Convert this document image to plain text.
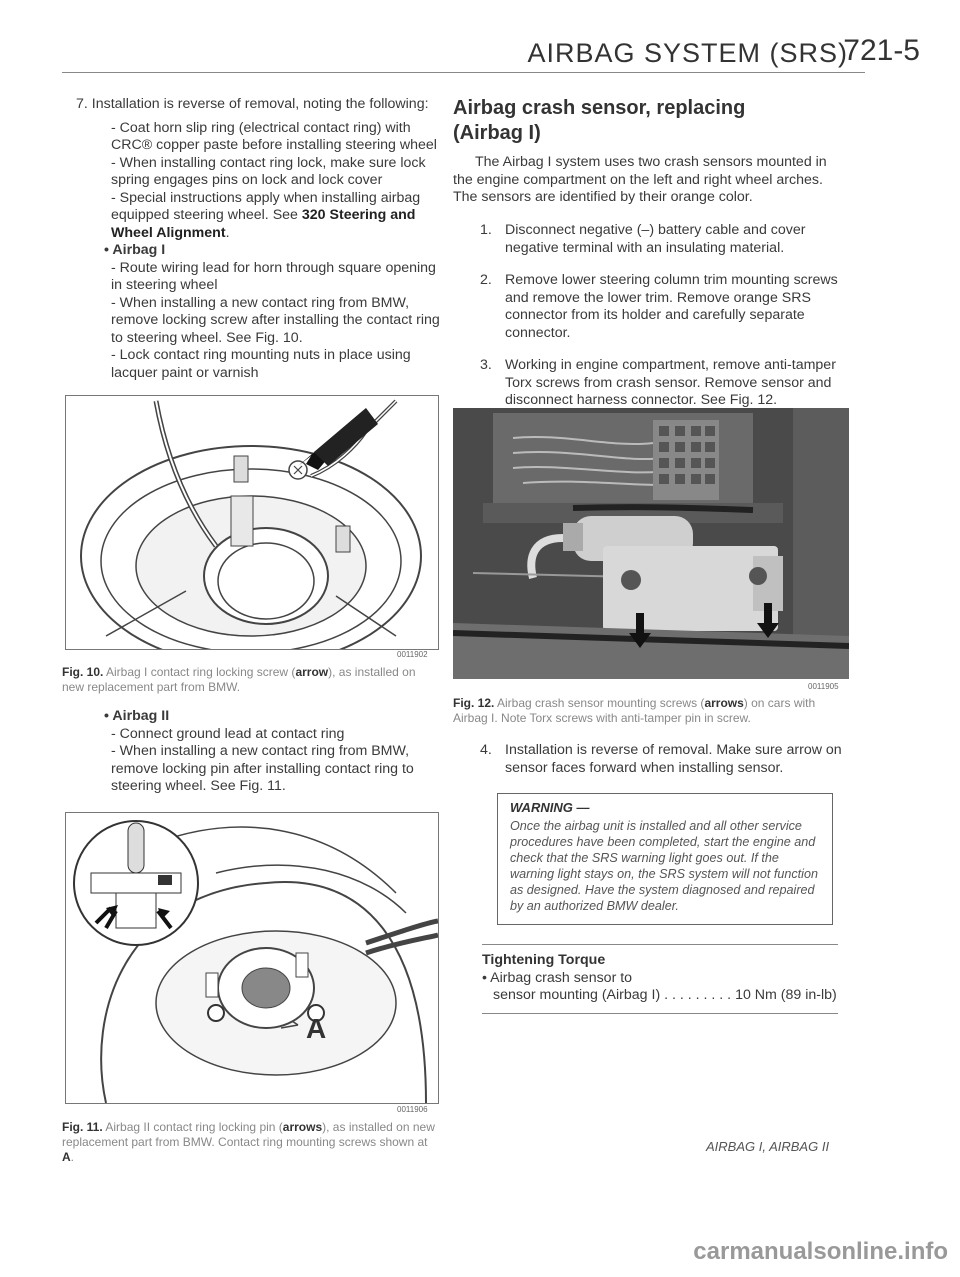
AIRBAG SYSTEM (SRS)
721-5

7. Installation is reverse of removal, noting the following:

- Coat horn slip ring (electrical contact ring) with CRC® copper paste before installing steering wheel

- When installing contact ring lock, make sure lock spring engages pins on lock and lock cover

- Special instructions apply when installing airbag equipped steering wheel. See 320 Steering and Wheel Alignment.

• Airbag I

- Route wiring lead for horn through square opening in steering wheel

- When installing a new contact ring from BMW, remove locking screw after installing the contact ring to steering wheel. See Fig. 10.

- Lock contact ring mounting nuts in place using lacquer paint or varnish

0011902
Fig. 10. Airbag I contact ring locking screw (arrow), as installed on new replacement part from BMW.

• Airbag II

- Connect ground lead at contact ring

- When installing a new contact ring from BMW, remove locking pin after installing contact ring to steering wheel. See Fig. 11.

A
0011906
Fig. 11. Airbag II contact ring locking pin (arrows), as installed on new replacement part from BMW. Contact ring mounting screws shown at A.
Airbag crash sensor, replacing (Airbag I)
The Airbag I system uses two crash sensors mounted in the engine compartment on the left and right wheel arches. The sensors are identified by their orange color.

1. Disconnect negative (–) battery cable and cover negative terminal with an insulating material.

2. Remove lower steering column trim mounting screws and remove the lower trim. Remove orange SRS connector from its holder and carefully separate connector.

3. Working in engine compartment, remove anti-tamper Torx screws from crash sensor. Remove sensor and disconnect harness connector. See Fig. 12.

0011905
Fig. 12. Airbag crash sensor mounting screws (arrows) on cars with Airbag I. Note Torx screws with anti-tamper pin in screw.
4. Installation is reverse of removal. Make sure arrow on sensor faces forward when installing sensor.
WARNING —
Once the airbag unit is installed and all other service procedures have been completed, start the engine and check that the SRS warning light goes out. If the warning light stays on, the SRS system will not function as designed. Have the system diagnosed and repaired by an authorized BMW dealer.

Tightening Torque

• Airbag crash sensor to

sensor mounting (Airbag I) . . . . . . . . . 10 Nm (89 in-lb)

AIRBAG I, AIRBAG II
carmanualsonline.info
